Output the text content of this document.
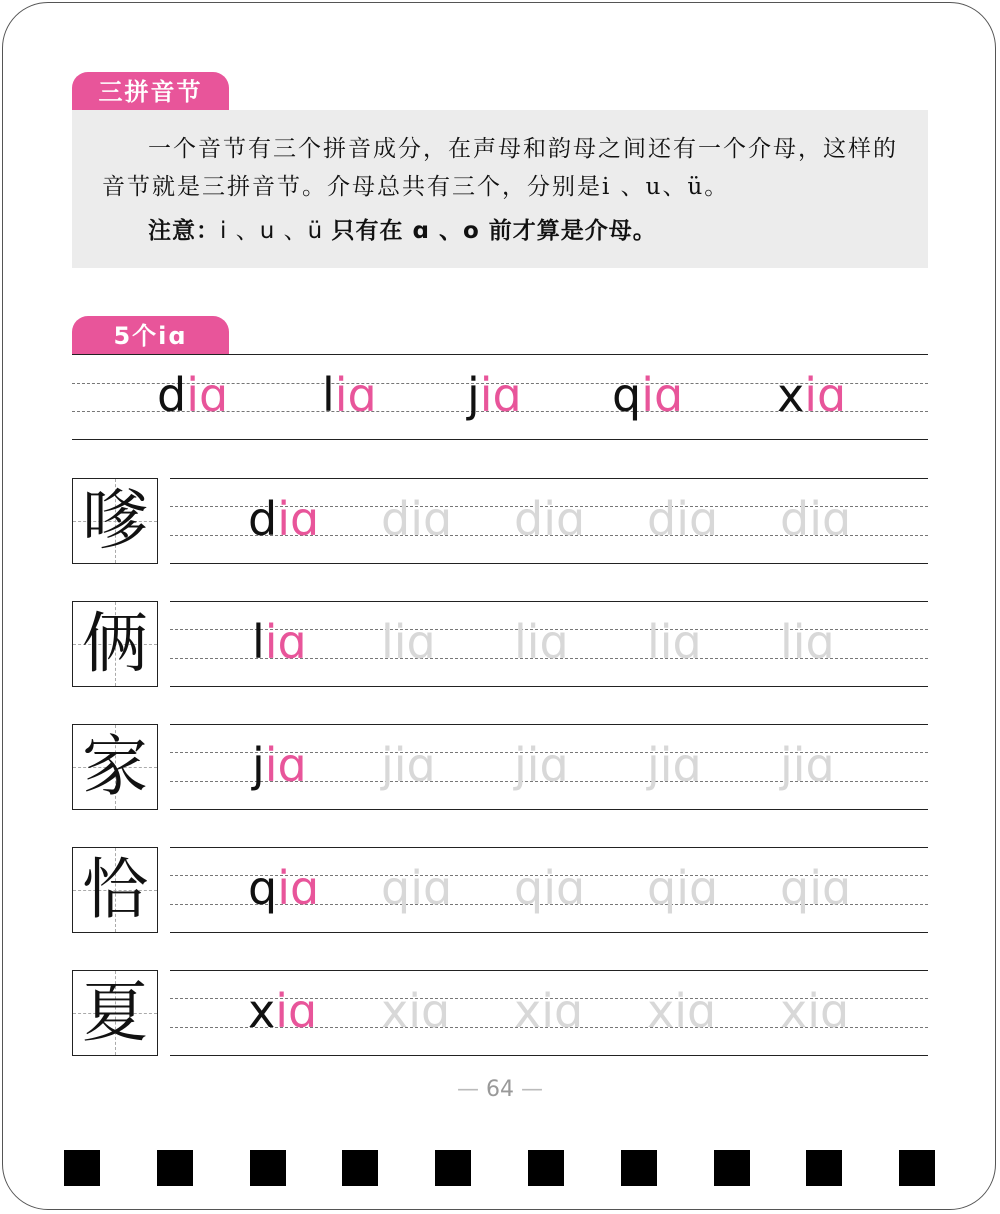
三拼音节
一个音节有三个拼音成分，在声母和韵母之间还有一个介母，这样的音节就是三拼音节。介母总共有三个，分别是i 、u、ü。
注意：i 、u 、ü 只有在 ɑ 、o 前才算是介母。
5个iɑ
diɑ liɑ jiɑ qiɑ xiɑ
嗲 diɑ diɑ diɑ diɑ diɑ
俩 liɑ liɑ liɑ liɑ liɑ
家 jiɑ jiɑ jiɑ jiɑ jiɑ
恰 qiɑ qiɑ qiɑ qiɑ qiɑ
夏 xiɑ xiɑ xiɑ xiɑ xiɑ
— 64 —
